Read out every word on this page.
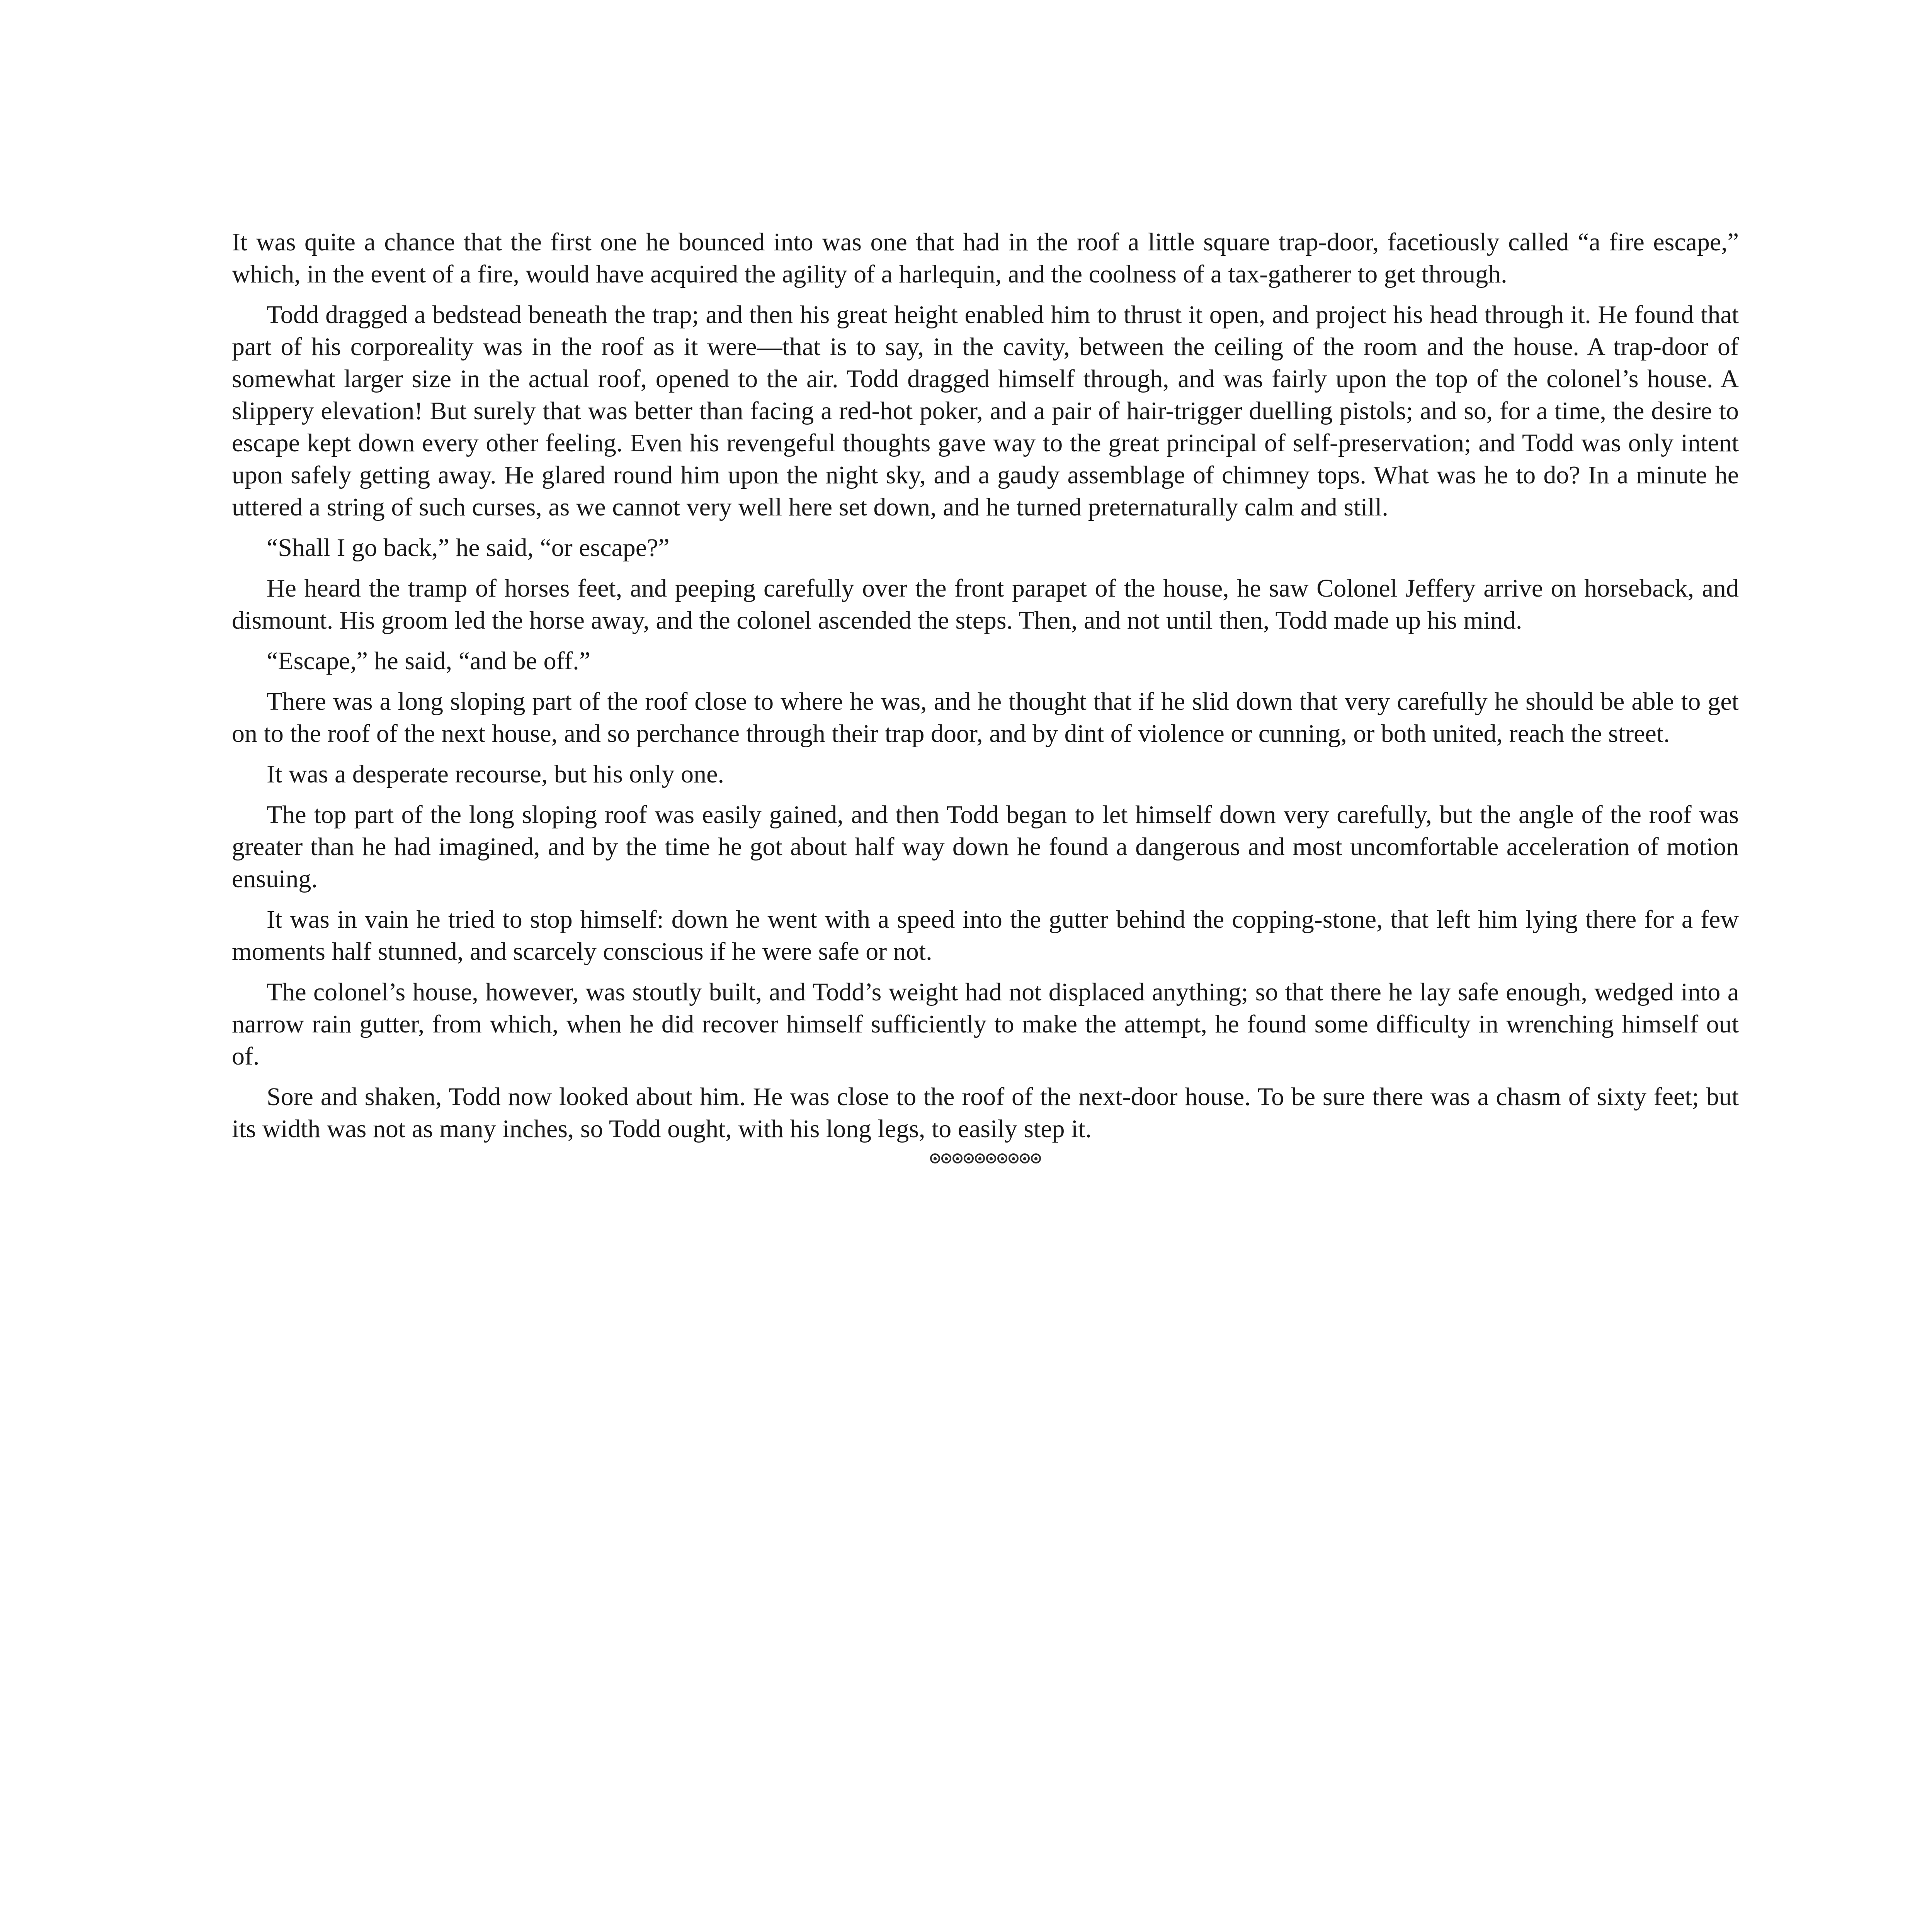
It was quite a chance that the first one he bounced into was one that had in the roof a little square trap-door, facetiously called “a fire escape,” which, in the event of a fire, would have acquired the agility of a harlequin, and the coolness of a tax-gatherer to get through.

Todd dragged a bedstead beneath the trap; and then his great height enabled him to thrust it open, and project his head through it. He found that part of his corporeality was in the roof as it were—that is to say, in the cavity, between the ceiling of the room and the house. A trap-door of somewhat larger size in the actual roof, opened to the air. Todd dragged himself through, and was fairly upon the top of the colonel’s house. A slippery elevation! But surely that was better than facing a red-hot poker, and a pair of hair-trigger duelling pistols; and so, for a time, the desire to escape kept down every other feeling. Even his revengeful thoughts gave way to the great principal of self-preservation; and Todd was only intent upon safely getting away. He glared round him upon the night sky, and a gaudy assemblage of chimney tops. What was he to do? In a minute he uttered a string of such curses, as we cannot very well here set down, and he turned preternaturally calm and still.

“Shall I go back,” he said, “or escape?”

He heard the tramp of horses feet, and peeping carefully over the front parapet of the house, he saw Colonel Jeffery arrive on horseback, and dismount. His groom led the horse away, and the colonel ascended the steps. Then, and not until then, Todd made up his mind.

“Escape,” he said, “and be off.”

There was a long sloping part of the roof close to where he was, and he thought that if he slid down that very carefully he should be able to get on to the roof of the next house, and so perchance through their trap door, and by dint of violence or cunning, or both united, reach the street.

It was a desperate recourse, but his only one.

The top part of the long sloping roof was easily gained, and then Todd began to let himself down very carefully, but the angle of the roof was greater than he had imagined, and by the time he got about half way down he found a dangerous and most uncomfortable acceleration of motion ensuing.

It was in vain he tried to stop himself: down he went with a speed into the gutter behind the copping-stone, that left him lying there for a few moments half stunned, and scarcely conscious if he were safe or not.

The colonel’s house, however, was stoutly built, and Todd’s weight had not displaced anything; so that there he lay safe enough, wedged into a narrow rain gutter, from which, when he did recover himself sufficiently to make the attempt, he found some difficulty in wrenching himself out of.

Sore and shaken, Todd now looked about him. He was close to the roof of the next-door house. To be sure there was a chasm of sixty feet; but its width was not as many inches, so Todd ought, with his long legs, to easily step it.
